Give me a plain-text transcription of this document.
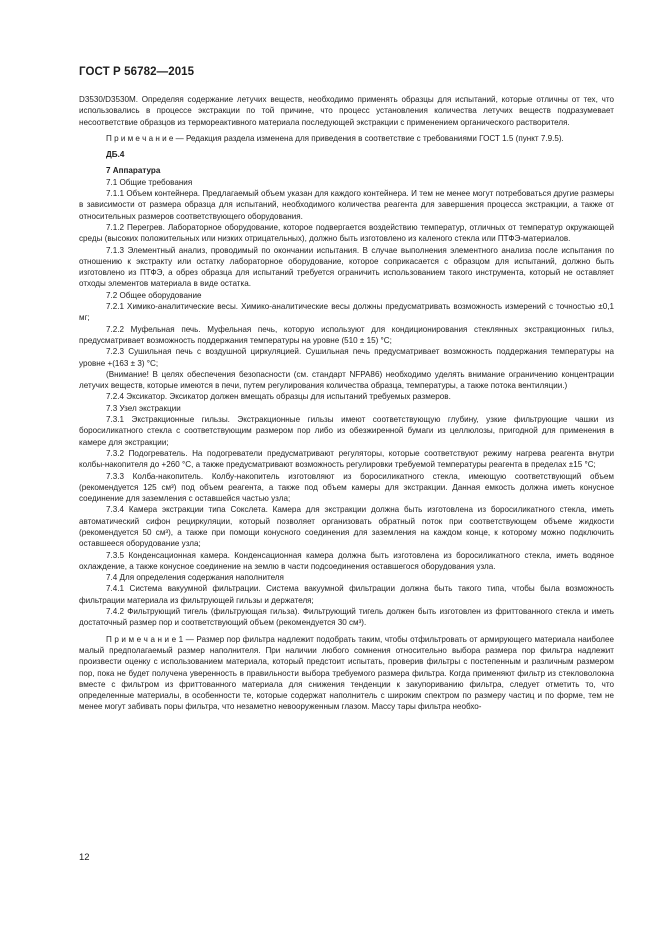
ГОСТ Р 56782—2015

D3530/D3530M. Определяя содержание летучих веществ, необходимо применять образцы для испытаний, которые отличны от тех, что использовались в процессе экстракции по той причине, что процесс установления количества летучих веществ подразумевает несоответствие образцов из термореактивного материала последующей экстракции с применением органического растворителя.

П р и м е ч а н и е — Редакция раздела изменена для приведения в соответствие с требованиями ГОСТ 1.5 (пункт 7.9.5).

ДБ.4

7 Аппаратура

7.1 Общие требования

7.1.1 Объем контейнера. Предлагаемый объем указан для каждого контейнера. И тем не менее могут потребоваться другие размеры в зависимости от размера образца для испытаний, необходимого количества реагента для завершения процесса экстракции, а также от относительных размеров соответствующего оборудования.

7.1.2 Перегрев. Лабораторное оборудование, которое подвергается воздействию температур, отличных от температур окружающей среды (высоких положительных или низких отрицательных), должно быть изготовлено из каленого стекла или ПТФЭ-материалов.

7.1.3 Элементный анализ, проводимый по окончании испытания. В случае выполнения элементного анализа после испытания по отношению к экстракту или остатку лабораторное оборудование, которое соприкасается с образцом для испытаний, должно быть изготовлено из ПТФЭ, а обрез образца для испытаний требуется ограничить использованием такого инструмента, который не оставляет отходы элементов материала в виде остатка.

7.2 Общее оборудование

7.2.1 Химико-аналитические весы. Химико-аналитические весы должны предусматривать возможность измерений с точностью ±0,1 мг;

7.2.2 Муфельная печь. Муфельная печь, которую используют для кондиционирования стеклянных экстракционных гильз, предусматривает возможность поддержания температуры на уровне (510 ± 15) °С;

7.2.3 Сушильная печь с воздушной циркуляцией. Сушильная печь предусматривает возможность поддержания температуры на уровне +(163 ± 3) °С;

(Внимание! В целях обеспечения безопасности (см. стандарт NFPA86) необходимо уделять внимание ограничению концентрации летучих веществ, которые имеются в печи, путем регулирования количества образца, температуры, а также потока вентиляции.)

7.2.4 Эксикатор. Эксикатор должен вмещать образцы для испытаний требуемых размеров.

7.3 Узел экстракции

7.3.1 Экстракционные гильзы. Экстракционные гильзы имеют соответствующую глубину, узкие фильтрующие чашки из боросиликатного стекла с соответствующим размером пор либо из обезжиренной бумаги из целлюлозы, пригодной для применения в камере для экстракции;

7.3.2 Подогреватель. На подогреватели предусматривают регуляторы, которые соответствуют режиму нагрева реагента внутри колбы-накопителя до +260 °С, а также предусматривают возможность регулировки требуемой температуры реагента в пределах ±15 °С;

7.3.3 Колба-накопитель. Колбу-накопитель изготовляют из боросиликатного стекла, имеющую соответствующий объем (рекомендуется 125 см³) под объем реагента, а также под объем камеры для экстракции. Данная емкость должна иметь конусное соединение для заземления с оставшейся частью узла;

7.3.4 Камера экстракции типа Сокслета. Камера для экстракции должна быть изготовлена из боросиликатного стекла, иметь автоматический сифон рециркуляции, который позволяет организовать обратный поток при соответствующем объеме жидкости (рекомендуется 50 см³), а также при помощи конусного соединения для заземления на каждом конце, к которому можно подключить оставшееся оборудование узла;

7.3.5 Конденсационная камера. Конденсационная камера должна быть изготовлена из боросиликатного стекла, иметь водяное охлаждение, а также конусное соединение на землю в части подсоединения оставшегося оборудования узла.

7.4 Для определения содержания наполнителя

7.4.1 Система вакуумной фильтрации. Система вакуумной фильтрации должна быть такого типа, чтобы была возможность фильтрации материала из фильтрующей гильзы и держателя;

7.4.2 Фильтрующий тигель (фильтрующая гильза). Фильтрующий тигель должен быть изготовлен из фриттованного стекла и иметь достаточный размер пор и соответствующий объем (рекомендуется 30 см³).

П р и м е ч а н и е 1 — Размер пор фильтра надлежит подобрать таким, чтобы отфильтровать от армирующего материала наиболее малый предполагаемый размер наполнителя. При наличии любого сомнения относительно выбора размера пор фильтра надлежит произвести оценку с использованием материала, который предстоит испытать, проверив фильтры с постепенным и различным размером пор, пока не будет получена уверенность в правильности выбора требуемого размера фильтра. Когда применяют фильтр из стекловолокна вместе с фильтром из фриттованного материала для снижения тенденции к закупориванию фильтра, следует отметить то, что определенные материалы, в особенности те, которые содержат наполнитель с широким спектром по размеру частиц и по форме, тем не менее могут забивать поры фильтра, что незаметно невооруженным глазом. Массу тары фильтра необхо-

12
